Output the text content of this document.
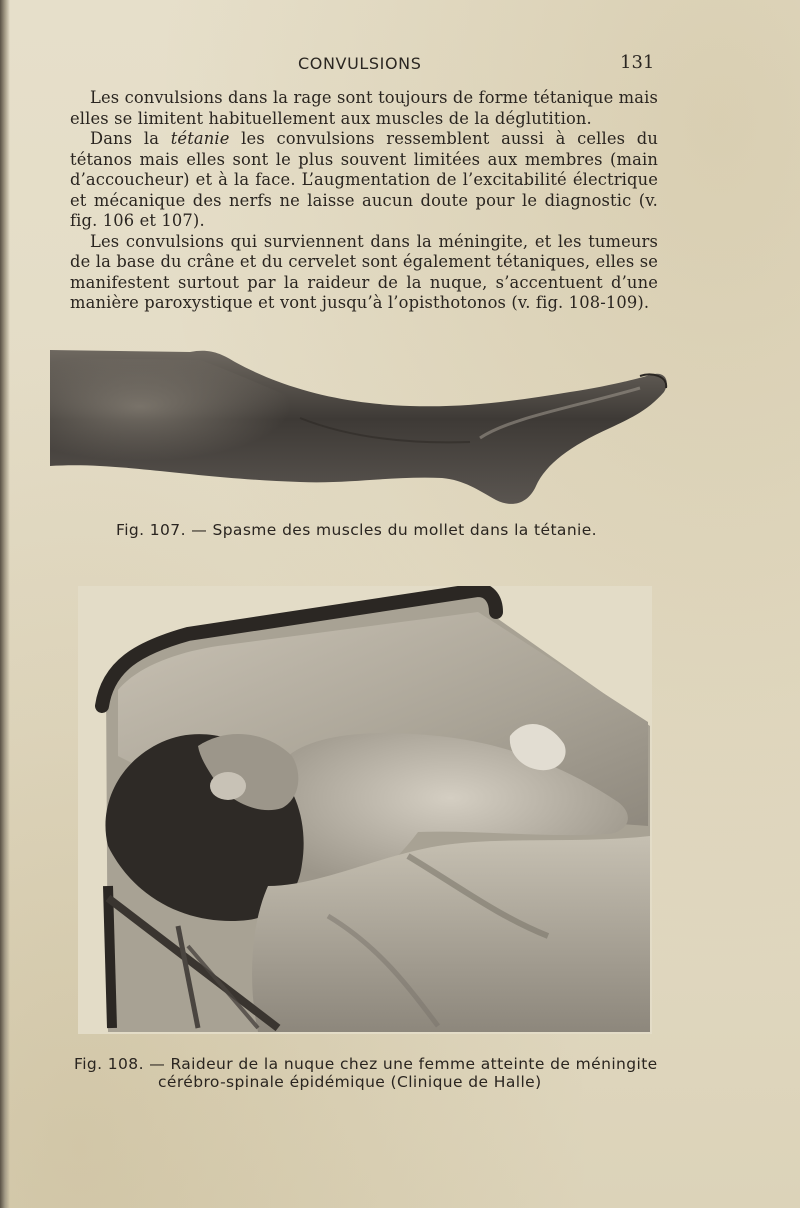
CONVULSIONS	131

Les convulsions dans la rage sont toujours de forme tétanique mais elles se limitent habituellement aux muscles de la déglutition.

Dans la tétanie les convulsions ressemblent aussi à celles du tétanos mais elles sont le plus souvent limitées aux membres (main d’accoucheur) et à la face. L’augmentation de l’excitabilité électrique et mécanique des nerfs ne laisse aucun doute pour le diagnostic (v. fig. 106 et 107).

Les convulsions qui surviennent dans la méningite, et les tumeurs de la base du crâne et du cervelet sont également tétaniques, elles se manifestent surtout par la raideur de la nuque, s’accentuent d’une manière paroxystique et vont jusqu’à l’opisthotonos (v. fig. 108-109).

Fig. 107. — Spasme des muscles du mollet dans la tétanie.
Fig. 108. — Raideur de la nuque chez une femme atteinte de méningite
cérébro-spinale épidémique (Clinique de Halle)
